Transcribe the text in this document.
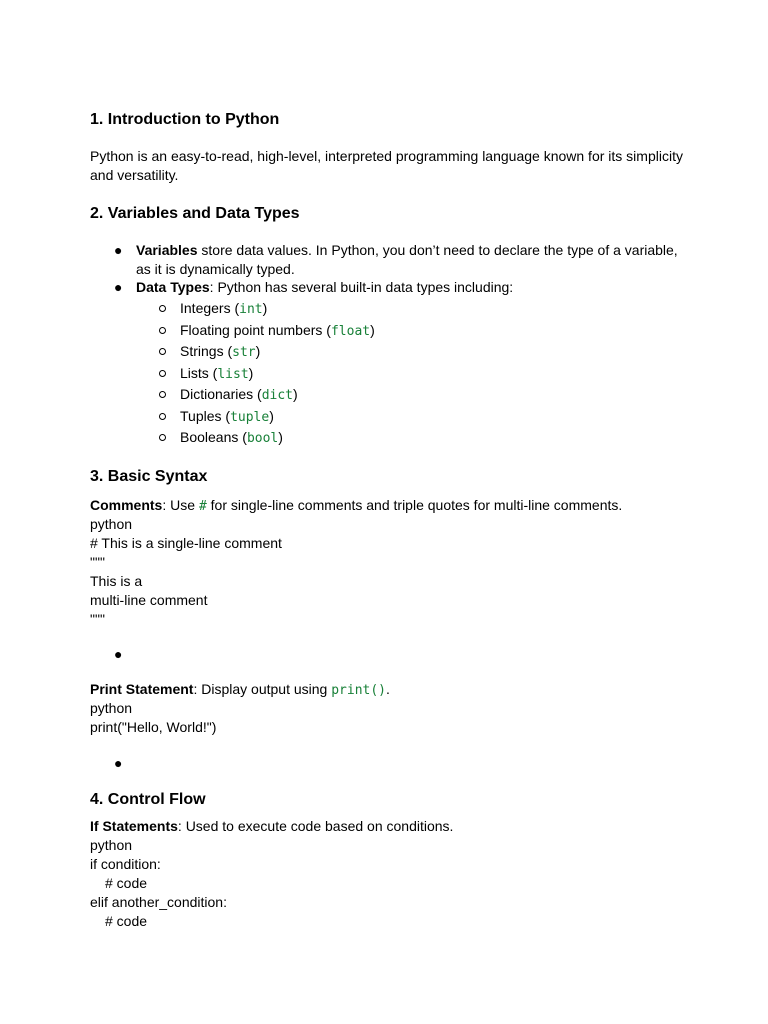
1. Introduction to Python
Python is an easy-to-read, high-level, interpreted programming language known for its simplicity
and versatility.
2. Variables and Data Types
● Variables store data values. In Python, you don’t need to declare the type of a variable,
as it is dynamically typed.
● Data Types: Python has several built-in data types including:
Integers (int)
Floating point numbers (float)
Strings (str)
Lists (list)
Dictionaries (dict)
Tuples (tuple)
Booleans (bool)
3. Basic Syntax
Comments: Use # for single-line comments and triple quotes for multi-line comments.
python
# This is a single-line comment
"""
This is a
multi-line comment
"""
●
Print Statement: Display output using print().
python
print("Hello, World!")
●
4. Control Flow
If Statements: Used to execute code based on conditions.
python
if condition:
# code
elif another_condition:
# code
